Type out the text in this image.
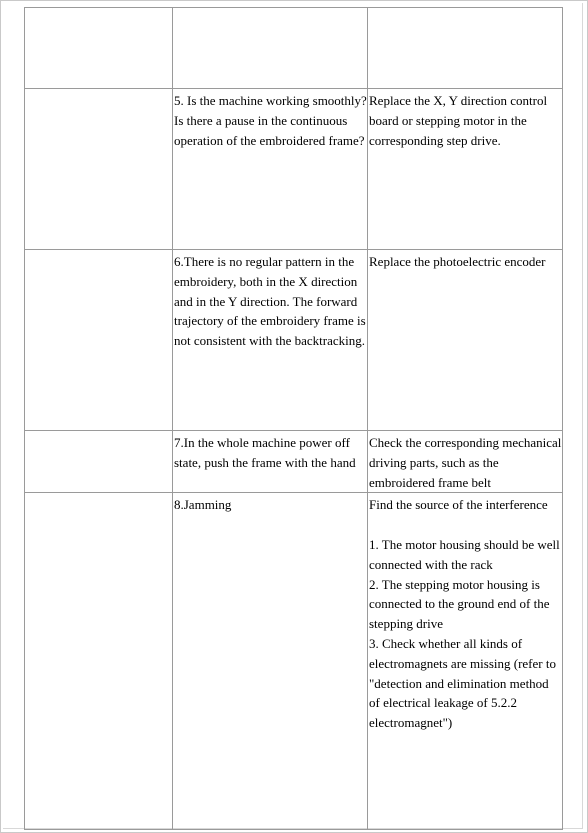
	5. Is the machine working smoothly? Is there a pause in the continuous operation of the embroidered frame?	Replace the X, Y direction control board or stepping motor in the corresponding step drive.
	6.There is no regular pattern in the embroidery, both in the X direction and in the Y direction. The forward trajectory of the embroidery frame is not consistent with the backtracking.	Replace the photoelectric encoder
	7.In the whole machine power off state, push the frame with the hand	Check the corresponding mechanical driving parts, such as the embroidered frame belt
	8.Jamming	Find the source of the interference
1. The motor housing should be well connected with the rack
2. The stepping motor housing is connected to the ground end of the stepping drive
3. Check whether all kinds of electromagnets are missing (refer to "detection and elimination method of electrical leakage of 5.2.2 electromagnet")
